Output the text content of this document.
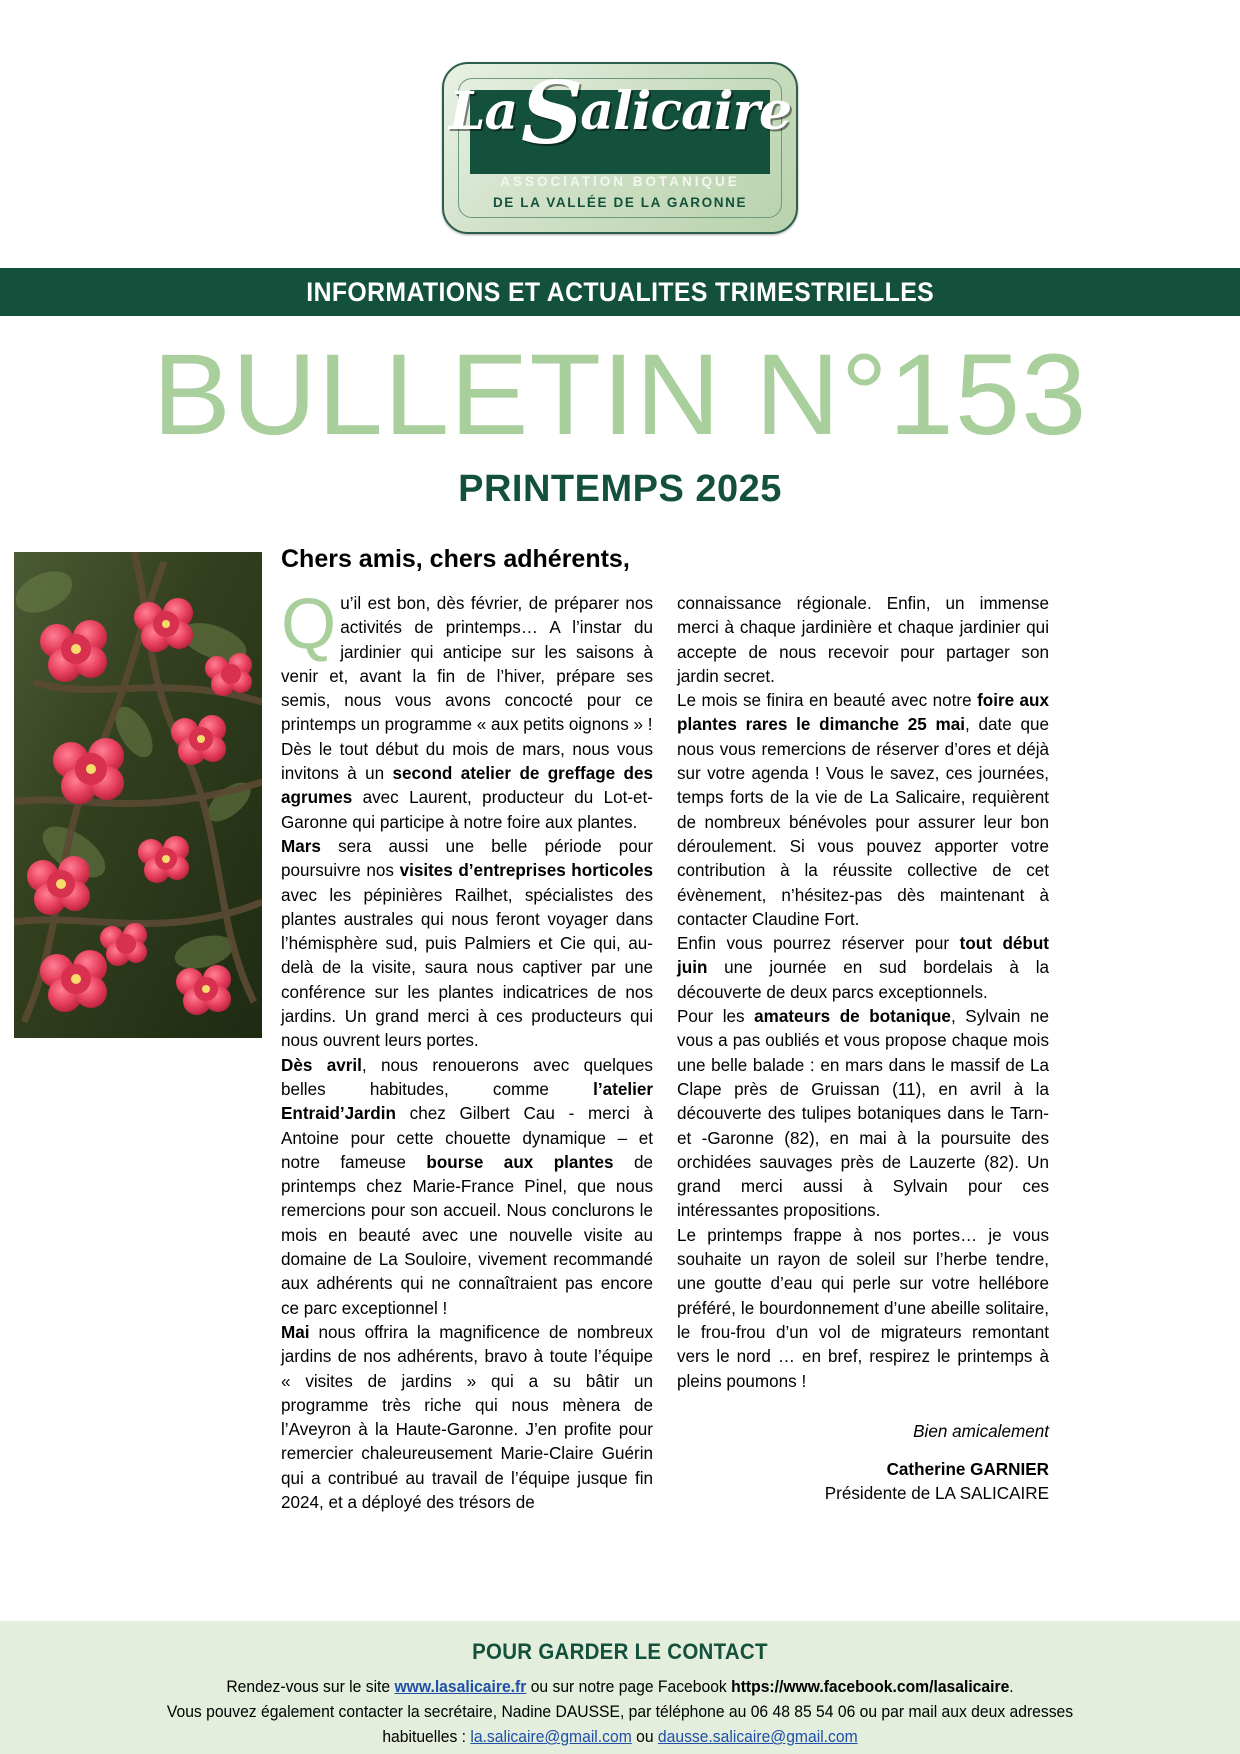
LaSalicaire
ASSOCIATION BOTANIQUE
DE LA VALLÉE DE LA GARONNE
INFORMATIONS ET ACTUALITES TRIMESTRIELLES
BULLETIN N°153
PRINTEMPS 2025
Chers amis, chers adhérents,

Qu’il est bon, dès février, de préparer nos activités de printemps… A l’instar du jardinier qui anticipe sur les saisons à venir et, avant la fin de l’hiver, prépare ses semis, nous vous avons concocté pour ce printemps un programme « aux petits oignons » !

Dès le tout début du mois de mars, nous vous invitons à un second atelier de greffage des agrumes avec Laurent, producteur du Lot-et-Garonne qui participe à notre foire aux plantes.

Mars sera aussi une belle période pour poursuivre nos visites d’entreprises horticoles avec les pépinières Railhet, spécialistes des plantes australes qui nous feront voyager dans l’hémisphère sud, puis Palmiers et Cie qui, au-delà de la visite, saura nous captiver par une conférence sur les plantes indicatrices de nos jardins. Un grand merci à ces producteurs qui nous ouvrent leurs portes.

Dès avril, nous renouerons avec quelques belles habitudes, comme l’atelier Entraid’Jardin chez Gilbert Cau - merci à Antoine pour cette chouette dynamique – et notre fameuse bourse aux plantes de printemps chez Marie-France Pinel, que nous remercions pour son accueil. Nous conclurons le mois en beauté avec une nouvelle visite au domaine de La Souloire, vivement recommandé aux adhérents qui ne connaîtraient pas encore ce parc exceptionnel !

Mai nous offrira la magnificence de nombreux jardins de nos adhérents, bravo à toute l’équipe « visites de jardins » qui a su bâtir un programme très riche qui nous mènera de l’Aveyron à la Haute-Garonne. J’en profite pour remercier chaleureusement Marie-Claire Guérin qui a contribué au travail de l’équipe jusque fin 2024, et a déployé des trésors de

connaissance régionale. Enfin, un immense merci à chaque jardinière et chaque jardinier qui accepte de nous recevoir pour partager son jardin secret.

Le mois se finira en beauté avec notre foire aux plantes rares le dimanche 25 mai, date que nous vous remercions de réserver d’ores et déjà sur votre agenda ! Vous le savez, ces journées, temps forts de la vie de La Salicaire, requièrent de nombreux bénévoles pour assurer leur bon déroulement. Si vous pouvez apporter votre contribution à la réussite collective de cet évènement, n’hésitez-pas dès maintenant à contacter Claudine Fort.

Enfin vous pourrez réserver pour tout début juin une journée en sud bordelais à la découverte de deux parcs exceptionnels.

Pour les amateurs de botanique, Sylvain ne vous a pas oubliés et vous propose chaque mois une belle balade : en mars dans le massif de La Clape près de Gruissan (11), en avril à la découverte des tulipes botaniques dans le Tarn-et -Garonne (82), en mai à la poursuite des orchidées sauvages près de Lauzerte (82). Un grand merci aussi à Sylvain pour ces intéressantes propositions.

Le printemps frappe à nos portes… je vous souhaite un rayon de soleil sur l’herbe tendre, une goutte d’eau qui perle sur votre hellébore préféré, le bourdonnement d’une abeille solitaire, le frou-frou d’un vol de migrateurs remontant vers le nord … en bref, respirez le printemps à pleins poumons !

Bien amicalement
Catherine GARNIER
Présidente de LA SALICAIRE
POUR GARDER LE CONTACT
Rendez-vous sur le site www.lasalicaire.fr ou sur notre page Facebook https://www.facebook.com/lasalicaire.
Vous pouvez également contacter la secrétaire, Nadine DAUSSE, par téléphone au 06 48 85 54 06 ou par mail aux deux adresses
habituelles : la.salicaire@gmail.com ou dausse.salicaire@gmail.com
